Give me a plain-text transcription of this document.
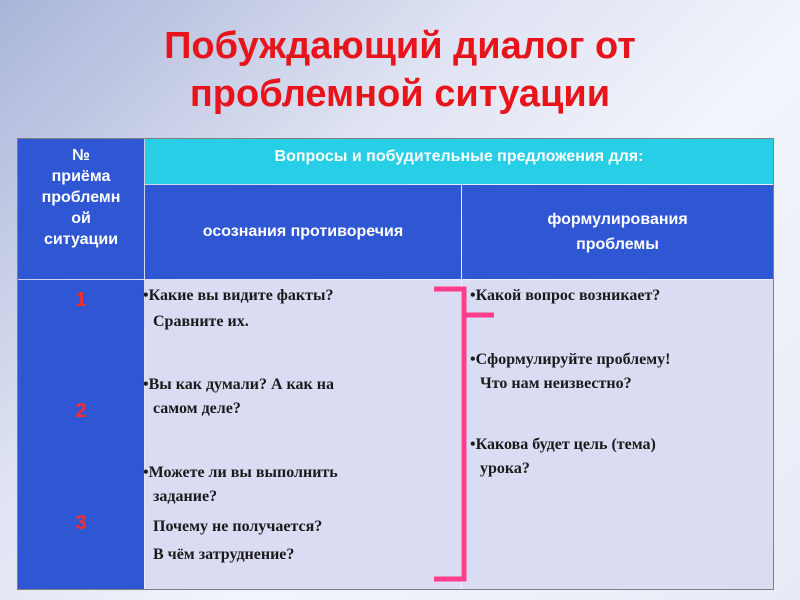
Побуждающий диалог от
проблемной ситуации
№
приёма
проблемн
ой
ситуации
Вопросы и побудительные предложения для:
осознания противоречия
формулирования
проблемы
1
2
3
•Какие вы видите факты?
Сравните их.
•Вы как думали? А как на
самом деле?
•Можете ли вы выполнить
задание?
Почему не получается?
В чём затруднение?
•Какой вопрос возникает?
•Сформулируйте проблему!
Что нам неизвестно?
•Какова будет цель (тема)
урока?
